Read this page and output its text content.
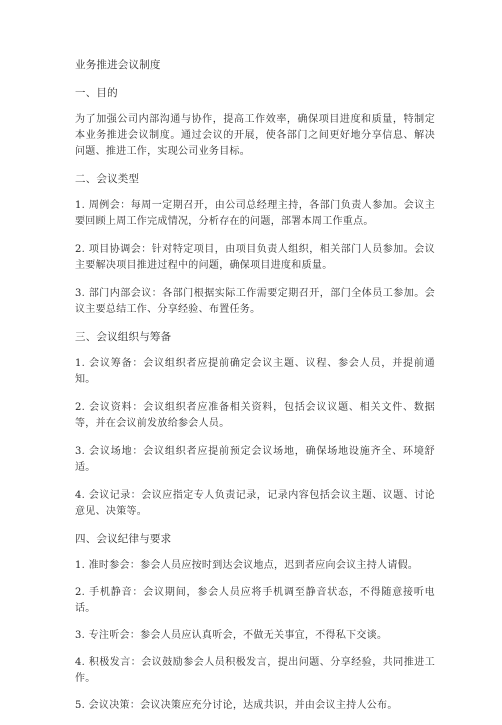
业务推进会议制度
一、目的
为了加强公司内部沟通与协作，提高工作效率，确保项目进度和质量，特制定本业务推进会议制度。通过会议的开展，使各部门之间更好地分享信息、解决问题、推进工作，实现公司业务目标。
二、会议类型
1. 周例会：每周一定期召开，由公司总经理主持，各部门负责人参加。会议主要回顾上周工作完成情况，分析存在的问题，部署本周工作重点。
2. 项目协调会：针对特定项目，由项目负责人组织，相关部门人员参加。会议主要解决项目推进过程中的问题，确保项目进度和质量。
3. 部门内部会议：各部门根据实际工作需要定期召开，部门全体员工参加。会议主要总结工作、分享经验、布置任务。
三、会议组织与筹备
1. 会议筹备：会议组织者应提前确定会议主题、议程、参会人员，并提前通知。
2. 会议资料：会议组织者应准备相关资料，包括会议议题、相关文件、数据等，并在会议前发放给参会人员。
3. 会议场地：会议组织者应提前预定会议场地，确保场地设施齐全、环境舒适。
4. 会议记录：会议应指定专人负责记录，记录内容包括会议主题、议题、讨论意见、决策等。
四、会议纪律与要求
1. 准时参会：参会人员应按时到达会议地点，迟到者应向会议主持人请假。
2. 手机静音：会议期间，参会人员应将手机调至静音状态，不得随意接听电话。
3. 专注听会：参会人员应认真听会，不做无关事宜，不得私下交谈。
4. 积极发言：会议鼓励参会人员积极发言，提出问题、分享经验，共同推进工作。
5. 会议决策：会议决策应充分讨论，达成共识，并由会议主持人公布。
